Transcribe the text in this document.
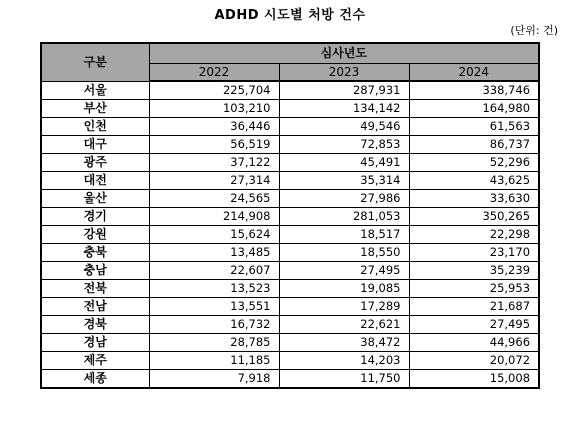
ADHD 시도별 처방 건수
(단위: 건)
구분	심사년도		
	2022	2023	2024
서울	225,704	287,931	338,746
부산	103,210	134,142	164,980
인천	36,446	49,546	61,563
대구	56,519	72,853	86,737
광주	37,122	45,491	52,296
대전	27,314	35,314	43,625
울산	24,565	27,986	33,630
경기	214,908	281,053	350,265
강원	15,624	18,517	22,298
충북	13,485	18,550	23,170
충남	22,607	27,495	35,239
전북	13,523	19,085	25,953
전남	13,551	17,289	21,687
경북	16,732	22,621	27,495
경남	28,785	38,472	44,966
제주	11,185	14,203	20,072
세종	7,918	11,750	15,008
